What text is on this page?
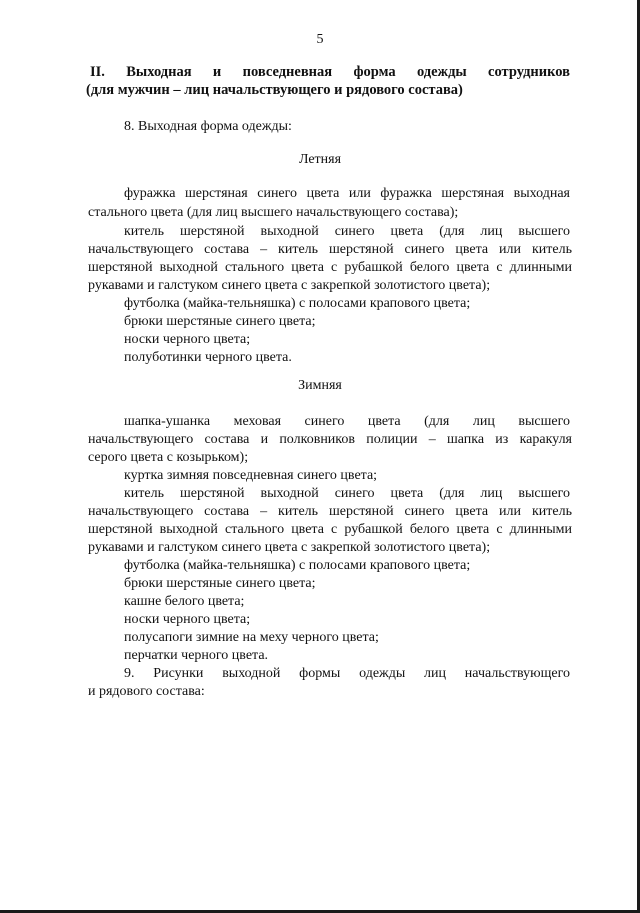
5
II. Выходная и повседневная форма одежды сотрудников
(для мужчин – лиц начальствующего и рядового состава)
8. Выходная форма одежды:
Летняя
фуражка шерстяная синего цвета или фуражка шерстяная выходная
стального цвета (для лиц высшего начальствующего состава);
китель шерстяной выходной синего цвета (для лиц высшего
начальствующего состава – китель шерстяной синего цвета или китель
шерстяной выходной стального цвета с рубашкой белого цвета с длинными
рукавами и галстуком синего цвета с закрепкой золотистого цвета);
футболка (майка-тельняшка) с полосами крапового цвета;
брюки шерстяные синего цвета;
носки черного цвета;
полуботинки черного цвета.
Зимняя
шапка-ушанка меховая синего цвета (для лиц высшего
начальствующего состава и полковников полиции – шапка из каракуля
серого цвета с козырьком);
куртка зимняя повседневная синего цвета;
китель шерстяной выходной синего цвета (для лиц высшего
начальствующего состава – китель шерстяной синего цвета или китель
шерстяной выходной стального цвета с рубашкой белого цвета с длинными
рукавами и галстуком синего цвета с закрепкой золотистого цвета);
футболка (майка-тельняшка) с полосами крапового цвета;
брюки шерстяные синего цвета;
кашне белого цвета;
носки черного цвета;
полусапоги зимние на меху черного цвета;
перчатки черного цвета.
9. Рисунки выходной формы одежды лиц начальствующего
и рядового состава:
